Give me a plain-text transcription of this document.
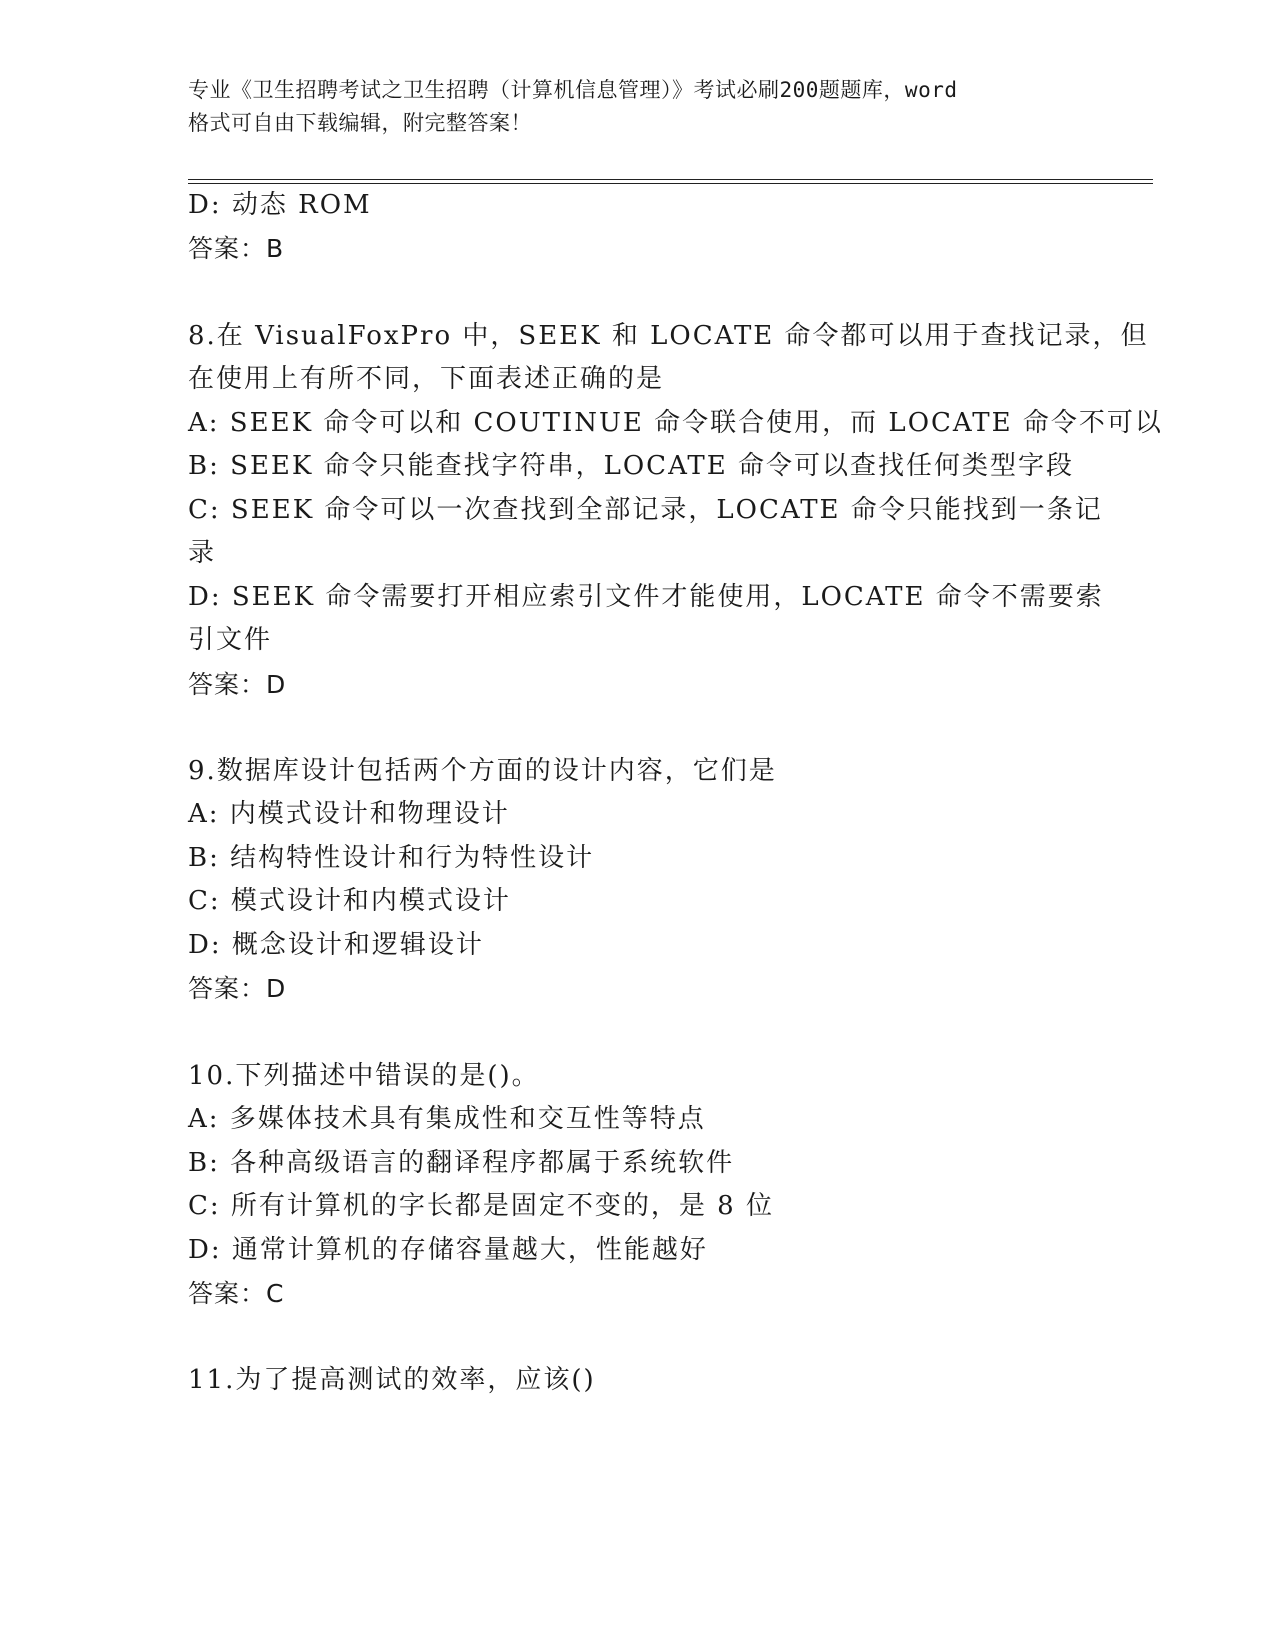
专业《卫生招聘考试之卫生招聘（计算机信息管理）》考试必刷200题题库，word
格式可自由下载编辑，附完整答案！
D: 动态 ROM
答案：B
8.在 VisualFoxPro 中，SEEK 和 LOCATE 命令都可以用于查找记录，但
在使用上有所不同，下面表述正确的是
A: SEEK 命令可以和 COUTINUE 命令联合使用，而 LOCATE 命令不可以
B: SEEK 命令只能查找字符串，LOCATE 命令可以查找任何类型字段
C: SEEK 命令可以一次查找到全部记录，LOCATE 命令只能找到一条记
录
D: SEEK 命令需要打开相应索引文件才能使用，LOCATE 命令不需要索
引文件
答案：D
9.数据库设计包括两个方面的设计内容，它们是
A: 内模式设计和物理设计
B: 结构特性设计和行为特性设计
C: 模式设计和内模式设计
D: 概念设计和逻辑设计
答案：D
10.下列描述中错误的是()。
A: 多媒体技术具有集成性和交互性等特点
B: 各种高级语言的翻译程序都属于系统软件
C: 所有计算机的字长都是固定不变的，是 8 位
D: 通常计算机的存储容量越大，性能越好
答案：C
11.为了提高测试的效率，应该()
